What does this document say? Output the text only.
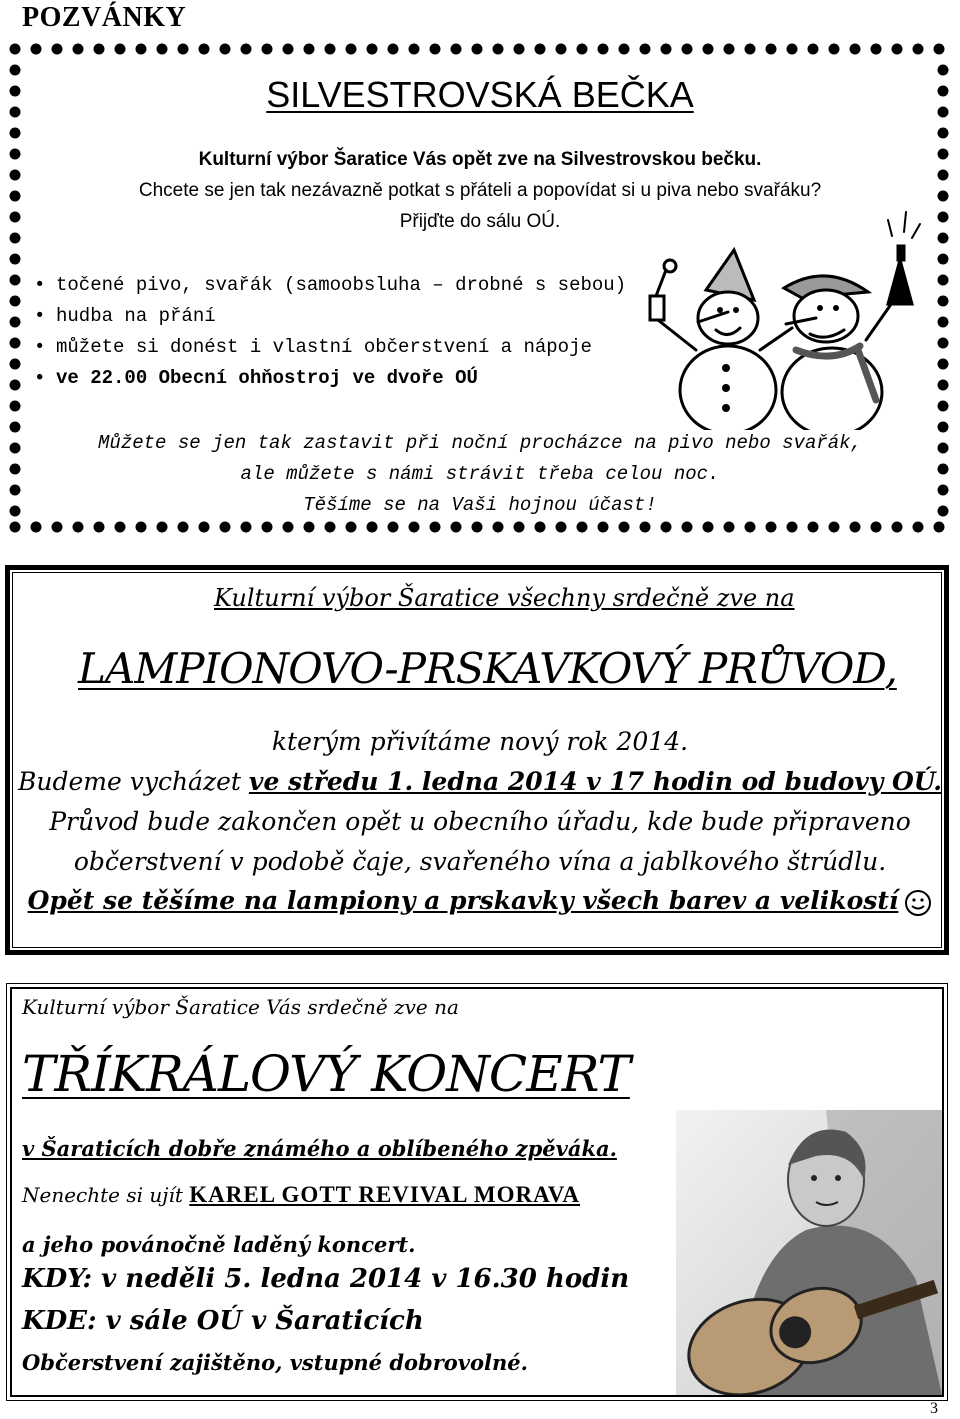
POZVÁNKY
SILVESTROVSKÁ BEČKA
Kulturní výbor Šaratice Vás opět zve na Silvestrovskou bečku.
Chcete se jen tak nezávazně potkat s přáteli a popovídat si u piva nebo svařáku?
Přijďte do sálu OÚ.
• točené pivo, svařák (samoobsluha – drobné s sebou)
• hudba na přání
• můžete si donést i vlastní občerstvení a nápoje
• ve 22.00 Obecní ohňostroj ve dvoře OÚ
Můžete se jen tak zastavit při noční procházce na pivo nebo svařák,
ale můžete s námi strávit třeba celou noc.
Těšíme se na Vaši hojnou účast!
Kulturní výbor Šaratice všechny srdečně zve na
LAMPIONOVO-PRSKAVKOVÝ PRŮVOD,
kterým přivítáme nový rok 2014.
Budeme vycházet ve středu 1. ledna 2014 v 17 hodin od budovy OÚ.
Průvod bude zakončen opět u obecního úřadu, kde bude připraveno
občerstvení v podobě čaje, svařeného vína a jablkového štrúdlu.
Opět se těšíme na lampiony a prskavky všech barev a velikostí
Kulturní výbor Šaratice Vás srdečně zve na
TŘÍKRÁLOVÝ KONCERT
v Šaraticích dobře známého a oblíbeného zpěváka.
Nenechte si ujít KAREL GOTT REVIVAL MORAVA
a jeho povánočně laděný koncert.
KDY: v neděli 5. ledna 2014 v 16.30 hodin
KDE: v sále OÚ v Šaraticích
Občerstvení zajištěno, vstupné dobrovolné.
3
